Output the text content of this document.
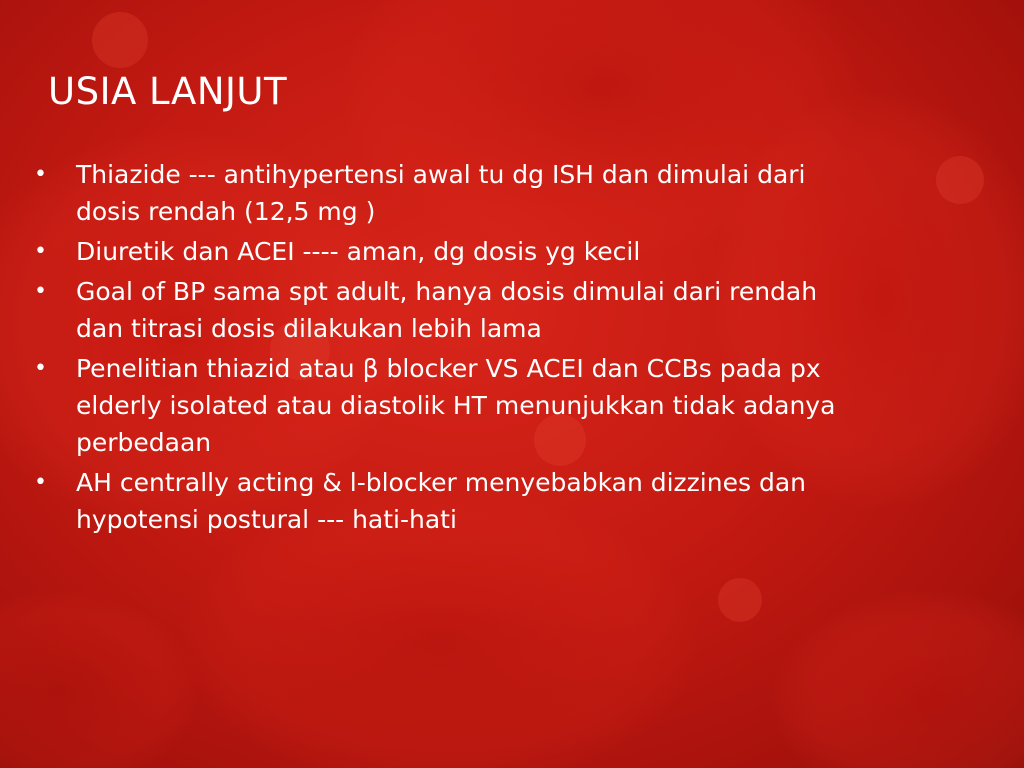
USIA LANJUT
• Thiazide --- antihypertensi awal tu dg ISH dan dimulai dari dosis rendah (12,5 mg )
• Diuretik dan ACEI ---- aman, dg dosis yg kecil
• Goal of BP sama spt adult, hanya dosis dimulai dari rendah dan titrasi dosis dilakukan lebih lama
• Penelitian thiazid atau β blocker VS ACEI dan CCBs pada px elderly isolated atau diastolik HT menunjukkan tidak adanya perbedaan
• AH centrally acting & l-blocker menyebabkan dizzines dan hypotensi postural --- hati-hati
